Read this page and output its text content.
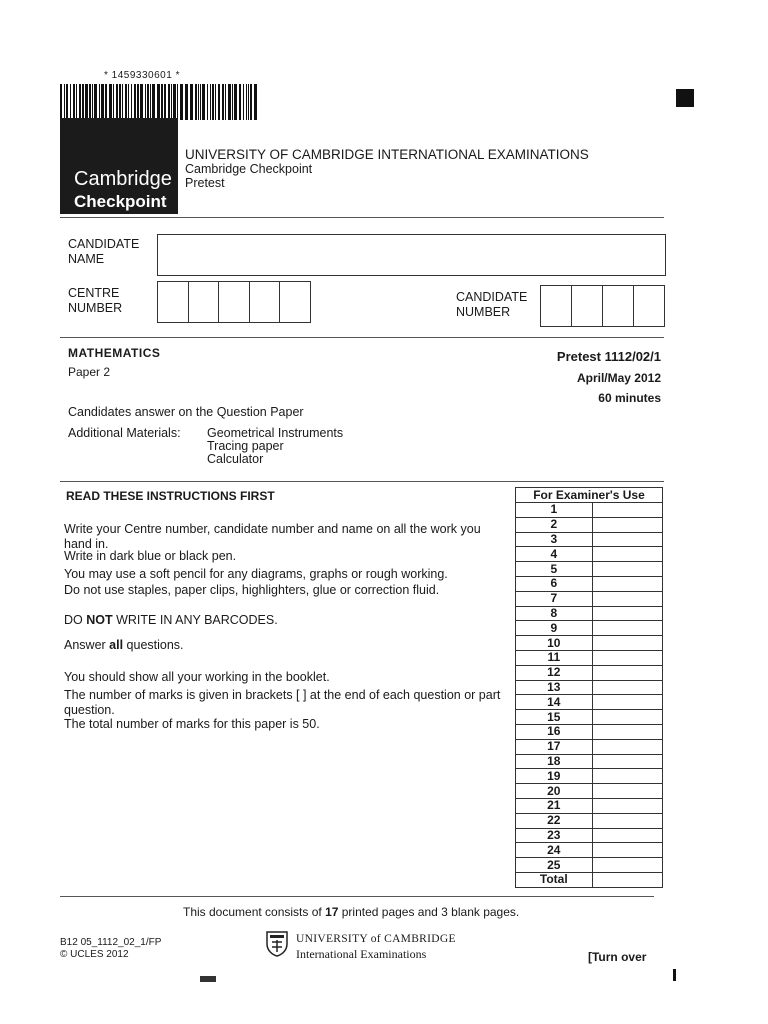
* 1459330601 *
Cambridge
Checkpoint
UNIVERSITY OF CAMBRIDGE INTERNATIONAL EXAMINATIONS
Cambridge Checkpoint
Pretest
CANDIDATE
NAME
CENTRE
NUMBER
CANDIDATE
NUMBER
MATHEMATICS
Paper 2
Pretest 1112/02/1
April/May 2012
60 minutes
Candidates answer on the Question Paper
Additional Materials: Geometrical Instruments
Tracing paper
Calculator
READ THESE INSTRUCTIONS FIRST
Write your Centre number, candidate number and name on all the work you hand in.
Write in dark blue or black pen.
You may use a soft pencil for any diagrams, graphs or rough working.
Do not use staples, paper clips, highlighters, glue or correction fluid.
DO NOT WRITE IN ANY BARCODES.
Answer all questions.
You should show all your working in the booklet.
The number of marks is given in brackets [ ] at the end of each question or part question.
The total number of marks for this paper is 50.
For Examiner's Use	
1	
2	
3	
4	
5	
6	
7	
8	
9	
10	
11	
12	
13	
14	
15	
16	
17	
18	
19	
20	
21	
22	
23	
24	
25	
Total	
This document consists of 17 printed pages and 3 blank pages.
B12 05_1112_02_1/FP
© UCLES 2012
UNIVERSITY of CAMBRIDGE
International Examinations	[Turn over
